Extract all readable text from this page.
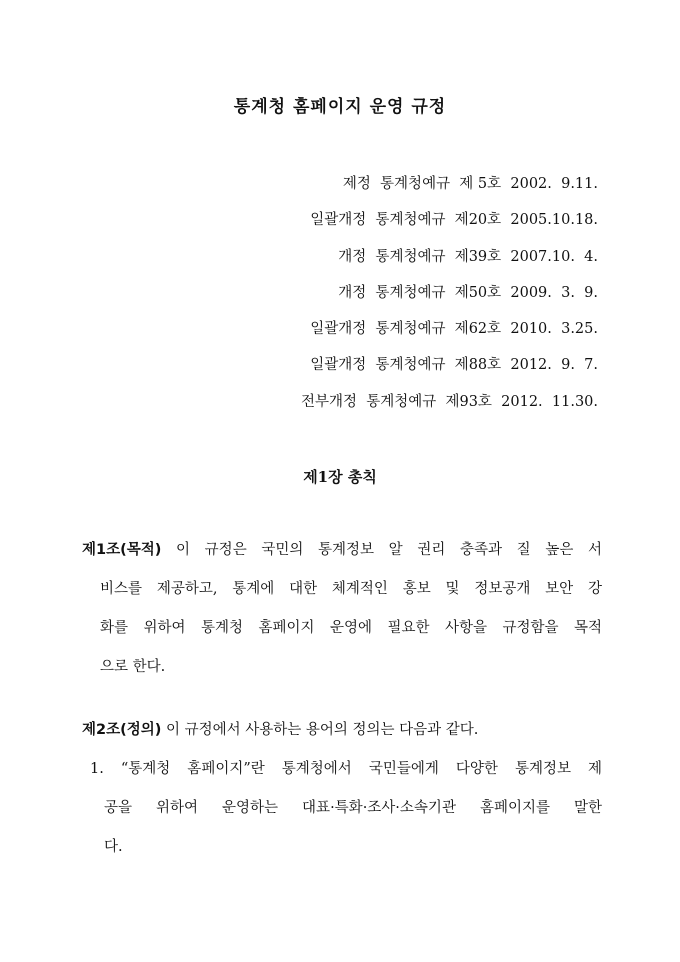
통계청 홈페이지 운영 규정
제정  통계청예규  제 5호  2002.  9.11.
일괄개정  통계청예규  제20호  2005.10.18.
개정  통계청예규  제39호  2007.10.  4.
개정  통계청예규  제50호  2009.  3.  9.
일괄개정  통계청예규  제62호  2010.  3.25.
일괄개정  통계청예규  제88호  2012.  9.  7.
전부개정  통계청예규  제93호  2012.  11.30.
제1장 총칙
제1조(목적) 이 규정은 국민의 통계정보 알 권리 충족과 질 높은 서
비스를 제공하고, 통계에 대한 체계적인 홍보 및 정보공개 보안 강
화를 위하여 통계청 홈페이지 운영에 필요한 사항을 규정함을 목적
으로 한다.
제2조(정의) 이 규정에서 사용하는 용어의 정의는 다음과 같다.
1. “통계청 홈페이지”란 통계청에서 국민들에게 다양한 통계정보 제
공을 위하여 운영하는 대표·특화·조사·소속기관 홈페이지를 말한
다.
